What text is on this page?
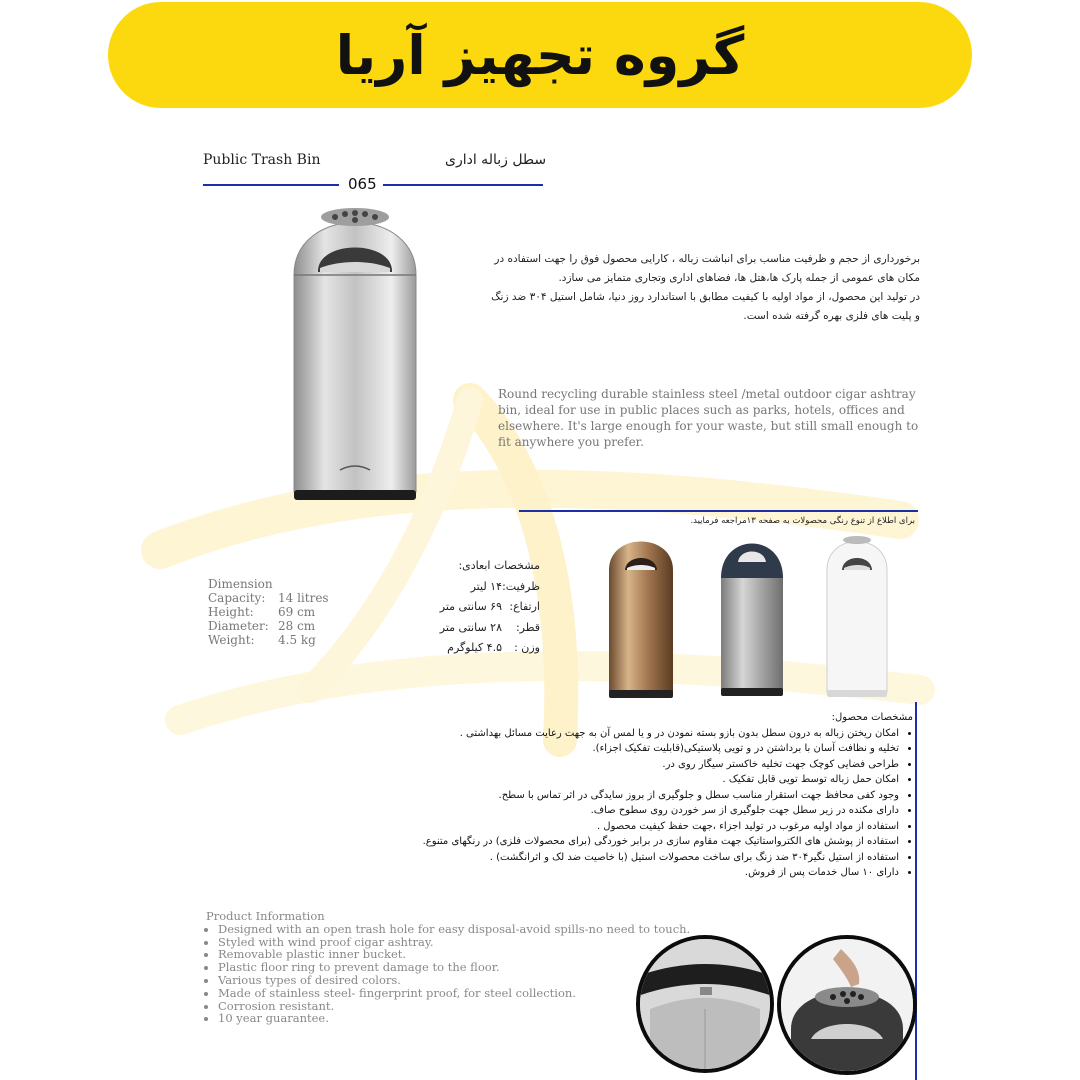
گروه تجهیز آریا
Public Trash Bin	سطل زباله اداری
065

برخورداری از حجم و ظرفیت مناسب برای انباشت زباله ، کارایی محصول فوق را جهت استفاده در مکان های عمومی از جمله پارک ها،هتل ها، فضاهای اداری وتجاری متمایز می سازد.

در تولید این محصول، از مواد اولیه با کیفیت مطابق با استاندارد روز دنیا، شامل استیل ۳۰۴ ضد زنگ و پلیت های فلزی بهره گرفته شده است.

Round recycling durable stainless steel /metal outdoor cigar ashtray bin, ideal for use in public places such as parks, hotels, offices and elsewhere. It's large enough for your waste, but still small enough to fit anywhere you prefer.
برای اطلاع از تنوع رنگی محصولات به صفحه ۱۳مراجعه فرمایید.
Dimension
Capacity: 14 litres
Height: 69 cm
Diameter: 28 cm
Weight: 4.5 kg
مشخصات ابعادی:
ظرفیت:
۱۴ لیتر
ارتفاع:
۶۹ سانتی متر
قطر:
۲۸ سانتی متر
وزن :
۴.۵ کیلوگرم
مشخصات محصول:
• امکان ریختن زباله به درون سطل بدون بازو بسته نمودن در و یا لمس آن به جهت رعایت مسائل بهداشتی .
• تخلیه و نظافت آسان با برداشتن در و تویی پلاستیکی(قابلیت تفکیک اجزاء).
• طراحی فضایی کوچک جهت تخلیه خاکستر سیگار روی در.
• امکان حمل زباله توسط تویی قابل تفکیک .
• وجود کفی محافظ جهت استقرار مناسب سطل و جلوگیری از بروز سایدگی در اثر تماس با سطح.
• دارای مکنده در زیر سطل جهت جلوگیری از سر خوردن روی سطوح صاف.
• استفاده از مواد اولیه مرغوب در تولید اجزاء ،جهت حفظ کیفیت محصول .
• استفاده از پوشش های الکترواستاتیک جهت مقاوم سازی در برابر خوردگی (برای محصولات فلزی) در رنگهای متنوع.
• استفاده از استیل نگیر۳۰۴ ضد زنگ برای ساخت محصولات استیل (با خاصیت ضد لک و اثرانگشت) .
• دارای ۱۰ سال خدمات پس از فروش.
Product Information
• Designed with an open trash hole for easy disposal-avoid spills-no need to touch.
• Styled with wind proof cigar ashtray.
• Removable plastic inner bucket.
• Plastic floor ring to prevent damage to the floor.
• Various types of desired colors.
• Made of stainless steel- fingerprint proof, for steel collection.
• Corrosion resistant.
• 10 year guarantee.
